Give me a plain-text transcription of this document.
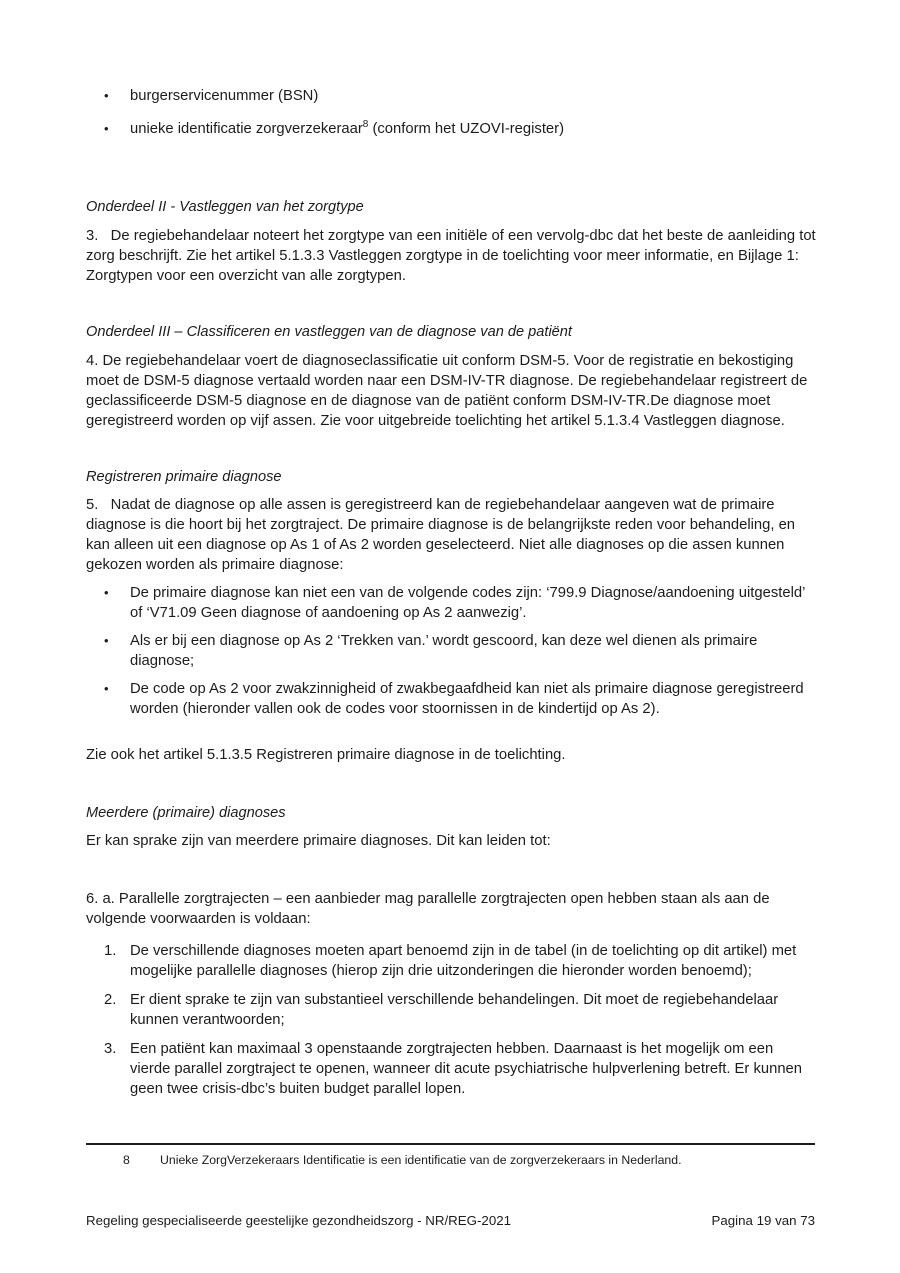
•	burgerservicenummer (BSN)
•	unieke identificatie zorgverzekeraar$^8$ (conform het UZOVI-register)

Onderdeel II - Vastleggen van het zorgtype

3.   De regiebehandelaar noteert het zorgtype van een initiële of een vervolg-dbc dat het beste de aanleiding tot zorg beschrijft. Zie het artikel 5.1.3.3 Vastleggen zorgtype in de toelichting voor meer informatie, en Bijlage 1: Zorgtypen voor een overzicht van alle zorgtypen.

Onderdeel III – Classificeren en vastleggen van de diagnose van de patiënt

4. De regiebehandelaar voert de diagnoseclassificatie uit conform DSM-5. Voor de registratie en bekostiging moet de DSM-5 diagnose vertaald worden naar een DSM-IV-TR diagnose. De regiebehandelaar registreert de geclassificeerde DSM-5 diagnose en de diagnose van de patiënt conform DSM-IV-TR.De diagnose moet geregistreerd worden op vijf assen. Zie voor uitgebreide toelichting het artikel 5.1.3.4 Vastleggen diagnose.

Registreren primaire diagnose

5.   Nadat de diagnose op alle assen is geregistreerd kan de regiebehandelaar aangeven wat de primaire diagnose is die hoort bij het zorgtraject. De primaire diagnose is de belangrijkste reden voor behandeling, en kan alleen uit een diagnose op As 1 of As 2 worden geselecteerd. Niet alle diagnoses op die assen kunnen gekozen worden als primaire diagnose:

•	De primaire diagnose kan niet een van de volgende codes zijn: ‘799.9 Diagnose/aandoening uitgesteld’ of ‘V71.09 Geen diagnose of aandoening op As 2 aanwezig’.
•	Als er bij een diagnose op As 2 ‘Trekken van.’ wordt gescoord, kan deze wel dienen als primaire diagnose;
•	De code op As 2 voor zwakzinnigheid of zwakbegaafdheid kan niet als primaire diagnose geregistreerd worden (hieronder vallen ook de codes voor stoornissen in de kindertijd op As 2).

Zie ook het artikel 5.1.3.5 Registreren primaire diagnose in de toelichting.

Meerdere (primaire) diagnoses

Er kan sprake zijn van meerdere primaire diagnoses. Dit kan leiden tot:

6. a. Parallelle zorgtrajecten – een aanbieder mag parallelle zorgtrajecten open hebben staan als aan de volgende voorwaarden is voldaan:

1. De verschillende diagnoses moeten apart benoemd zijn in de tabel (in de toelichting op dit artikel) met mogelijke parallelle diagnoses (hierop zijn drie uitzonderingen die hieronder worden benoemd);
2. Er dient sprake te zijn van substantieel verschillende behandelingen. Dit moet de regiebehandelaar kunnen verantwoorden;
3. Een patiënt kan maximaal 3 openstaande zorgtrajecten hebben. Daarnaast is het mogelijk om een vierde parallel zorgtraject te openen, wanneer dit acute psychiatrische hulpverlening betreft. Er kunnen geen twee crisis-dbc’s buiten budget parallel lopen.
8	Unieke ZorgVerzekeraars Identificatie is een identificatie van de zorgverzekeraars in Nederland.
Regeling gespecialiseerde geestelijke gezondheidszorg - NR/REG-2021	Pagina 19 van 73
